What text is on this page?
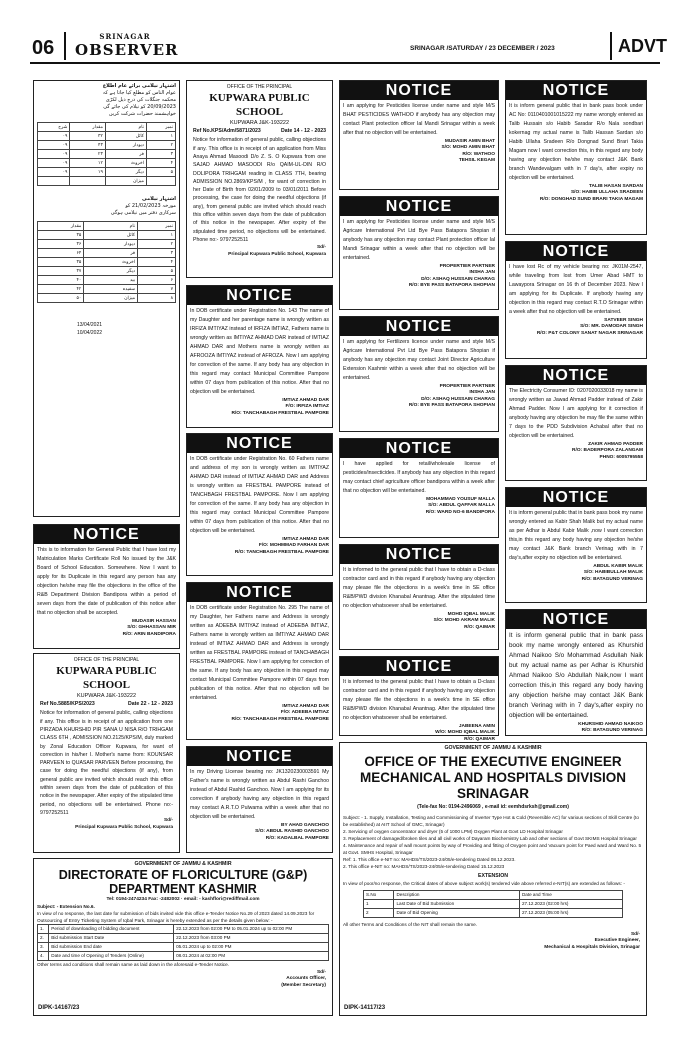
06
SRINAGAR
OBSERVER	SRINAGAR /SATURDAY / 23 DECEMBER / 2023	ADVT
اشتہار نیلامی برائے عام اطلاع
عوام الناس کو مطلع کیا جاتا ہے کہ
محکمہ جنگلات کی درج ذیل لکڑی
20/09/2023 کو نیلام کی جائے گی
خواہشمند حضرات شرکت کریں
نمبر	نام	مقدار	شرح
۱	کائل	۳۲	۰۹
۲	دیودار	۴۳	۰۹
۳	فر	۲۳	۰۹
۴	اخروٹ	۱۲	۰۹
۵	دیگر	۱۹	۰۹
	میزان		
اشتہار نیلامی
مورخہ 21/02/2023 کو
سرکاری دفتر میں نیلامی ہوگی
نمبر	نام	مقدار
۱	کائل	۳۵
۲	دیودار	۳۶
۳	فر	۶۴
۴	اخروٹ	۳۵
۵	دیگر	۳۷
۶	بید	۴۰
۷	سفیدہ	۴۲
۸	میزان	۵۰
13/04/2021
10/04/2022
NOTICE
This is to information for General Public that I have lost my Matriculation Marks Certificate Roll No issued by the J&K Board of School Education. Somewhere. Now I want to apply for its Duplicate in this regard any person has any objection he/she may file the objections in the office of the R&B Department Division Bandipora within a period of seven days from the date of publication of this notice after that no objection shall be accepted.
MUDASIR HASSAN
S/O: GHHASSAN MIR
R/O: ARIN BANDIPORA
OFFICE OF THE PRINCIPAL
KUPWARA PUBLIC SCHOOL
KUPWARA J&K-193222
Ref No.5885/KPS/2023	Date 22 - 12 - 2023
Notice for information of general public, calling objections if any. This office is in receipt of an application from one PIRZADA KHURSHID PIR SANA U NISA R/O TRIHGAM CLASS 6TH , ADMISSION NO.2125/KPS/M, duly marked by Zonal Education Officer Kupwara, for want of correction in his/her I. Mother's name from: KOUNSAR PARVEEN to QUASAR PARVEEN Before processing, the case for doing the needful objections (if any), from general public are invited which should reach this office within seven days from the date of publication of this notice in the newspaper. After expiry of the stipulated time period, no objections will be entertained. Phone no:- 9797252511
Sd/-
Principal Kupwara Public School, Kupwara
OFFICE OF THE PRINCIPAL
KUPWARA PUBLIC SCHOOL
KUPWARA J&K-193222
Ref No.KPS/Adm/5871/2023	Date 14 - 12 - 2023
Notice for information of general public, calling objections if any. This office is in receipt of an application from Miss Anaya Ahmad Masoodi D/o Z. S. O Kupwara from one SAJAD AHMAD MASOODI R/o QAIM-UL-DIN R/O DOLIPORA TRIHGAM reading in CLASS 7TH, bearing ADMISSION NO.2869/KPS/M , for want of correction in her Date of Birth from 02/01/2009 to 03/01/2011 Before processing, the case for doing the needful objections (if any), from general public are invited which should reach this office within seven days from the date of publication of this notice in the newspaper. After expiry of the stipulated time period, no objections will be entertained. Phone no:- 9797252511
Sd/-
Principal Kupwara Public School, Kupwara
NOTICE
In DOB certificate under Registration No. 143 The name of my Daughter and her parentage name is wrongly written as IRFIZA IMTIYAZ instead of IRFIZA IMTIAZ, Fathers name is wrongly written as IMTIYAZ AHMAD DAR instead of IMTIAZ AHMAD DAR and Mothers name is wrongly written as AFROOZA IMTIYAZ instead of AFROZA. Now I am applying for correction of the same. If any body has any objection in this regard may contact Municipal Committee Pampore within 07 days from publication of this notice. After that no objection will be entertained.
IMTIAZ AHMAD DAR
F/O: IRFIZA IMTIAZ
R/O: TANCHABAGH FRESTBAL PAMPORE
NOTICE
In DOB certificate under Registration No. 60 Fathers name and address of my son is wrongly written as IMTIYAZ AHMAD DAR instead of IMTIAZ AHMAD DAR and Address is wrongly written as FRESTBAL PAMPORE instead of TANCHBAGH FRESTBAL PAMPORE. Now I am applying for correction of the same. If any body has any objection in this regard may contact Municipal Committee Pampore within 07 days from publication of this notice. After that no objection will be entertained.
IMTIAZ AHMAD DAR
F/O: MOHMMAD FARHAN DAR
R/O: TANCHBAGH FRESTBAL PAMPORE
NOTICE
In DOB certificate under Registration No. 295 The name of my Daughter, her Fathers name and Address is wrongly written as ADEEBA IMTIYAZ instead of ADEEBA IMTIAZ, Fathers name is wrongly written as IMTIYAZ AHMAD DAR instead of IMTIAZ AHMAD DAR and Address is wrongly written as FRESTBAL PAMPORE instead of TANCHABAGH FRESTBAL PAMPORE. Now I am applying for correction of the same. If any body has any objection in this regard may contact Municipal Committee Pampore within 07 days from publication of this notice. After that no objection will be entertained.
IMTIAZ AHMAD DAR
F/O: ADEEBA IMTIAZ
R/O: TANCHABAGH FRESTBAL PAMPORE
NOTICE
In my Driving License bearing no: JK1320230003591 My Father's name is wrongly written as Abdul Rashi Ganchoo instead of Abdul Rashid Ganchoo. Now I am applying for its correction if anybody having any objection in this regard may contact A.R.T.O Pulwama within a week after that no objection will be entertained.
BY AHAD GANCHOO
S/O: ABDUL RASHID GANCHOO
R/O: KADALBAL PAMPORE
NOTICE
I am applying for Pesticides license under name and style M/S BHAT PESTICIDES WATHOO if anybody has any objection may contact Plant protection officer Ial Mandi Srinagar within a week after that no objection will be entertained.
MUDASIR AMIN BHAT
S/O: MOHD AMIN BHAT
R/O: WATHOO
TEHSIL KEGAM
NOTICE
I am applying for Pesticides license under name and style M/S Agricare International Pvt Ltd Bye Pass Batapora Shopian if anybody has any objection may contact Plant protection officer Ial Mandi Srinagar within a week after that no objection will be entertained.
PROPERTIER PARTNER
INSHA JAN
D/O: ASHAQ HUSSAIN CHARAG
R/O: BYE PASS BATAPORA SHOPIAN
NOTICE
I am applying for Fertilizers licence under name and style M/S Agricare International Pvt Ltd Bye Pass Batapora Shopian if anybody has any objection may contact Joint Director Agriculture Extension Kashmir within a week after that no objection will be entertained.
PROPERTIER PARTNER
INSHA JAN
D/O: ASHAQ HUSSAIN CHARAG
R/O: BYE PASS BATAPORA SHOPIAN
NOTICE
I have applied for retail/wholesale license of pesticides/insecticides. If anybody has any objection in this regard may contact chief agriculture officer bandipora within a week after that no objection will be entertained.
MOHAMMAD YOUSUF MALLA
S/O: ABDUL QAFFAR MALLA
R/O: WARD NO-6 BANDIPORA
NOTICE
It is informed to the general public that I have to obtain a D-class contractor card and in this regard if anybody having any objection may please file the objections in a week's time in SE office R&B/PWD division Khanabal Anantnag. After the stipulated time no objection whatsoever shall be entertained.
MOHD IQBAL MALIK
S/O: MOHD AKRAM MALIK
R/O: QAIMAR
NOTICE
It is informed to the general public that I have to obtain a D-class contractor card and in this regard if anybody having any objection may please file the objections in a week's time in SE office R&B/PWD division Khanabal Anantnag. After the stipulated time no objection whatsoever shall be entertained.
JABEENA AMIN
W/O: MOHD IQBAL MALIK
R/O: QAIMAR
NOTICE
It is inform general public that in bank pass book under AC No: 0110401001015222 my name wrongly entered as Talib Hussain s/o Habib Saradar R/o Nala sondbari kokernag my actual name is Talib Hassan Sardan s/o Habib Ullaha Sradeen R/o Dongnad Sund Brari Takia Magam now I want correction this, in this regard any body having any objection he/she may contact J&K Bank branch Wandevalgam with in 7 day's, after expiry no objection will be entertained.
TALIB HASAN SARDAN
S/O: HABIB ULLAHA SRADEEN
R/O: DONGHAD SUND BRARI TAKIA MAGAM
NOTICE
I have lost Rc of my vehicle bearing no: JK01M-2547, while traveling from lost from Umer Abad HMT to Lawaypora Srinagar on 16 th of December 2023. Now I am applying for its Duplicate. If anybody having any objection in this regard may contact R.T.O Srinagar within a week after that no objection will be entertained.
SATVEER SINGH
S/O: MR. DAMODAR SINGH
R/O: P&T COLONY SANAT NAGAR SRINAGAR
NOTICE
The Electricity Consumer ID: 0207020033018 my name is wrongly written as Jawad Ahmad Padder instead of Zakir Ahmad Padder. Now I am applying for it correction if anybody having any objection he may file the same within 7 days to the PDD Subdivision Achabal after that no objection will be entertained.
ZAKIR AHMAD PADDER
R/O: BADERPORA ZALANGAM
PHNO: 6005795558
NOTICE
It is inform general public that in bank pass book my name wrongly entered as Kabir Shah Malik but my actual name as per Adhar is Abdul Kabir Malik ,now I want correction this,in this regard any body having any objection he/she may contact J&K Bank branch Verinag with in 7 day's,after expiry no objection will be entertained.
ABDUL KABIR MALIK
S/O: HABIBULLAH MALIK
R/O: BATAGUND VERINAG
NOTICE
It is inform general public that in bank pass book my name wrongly entered as Khurshid Ahmad Naikoo S/o Mohammad Asdullah Naik but my actual name as per Adhar is Khurshid Ahmad Naikoo S/o Abdullah Naik,now I want correction this,in this regard any body having any objection he/she may contact J&K Bank branch Verinag with in 7 day's,after expiry no objection will be entertained.
KHURSHID AHMAD NAIKOO
R/O: BATAGUND VERINAG
GOVERNMENT OF JAMMU & KASHMIR
DIRECTORATE OF FLORICULTURE (G&P) DEPARTMENT KASHMIR
Tel: 0194-2474234 Fax: -2482002 · email: - kashflori@rediffmail.com
Subject: - Extension No.6.
In view of no response, the last date for submission of bids invited vide this office e-Tender Notice No.29 of 2023 dated 14.09.2023 for Outsourcing of Entry Ticketing System of Iqbal Park, Srinagar is hereby extended as per the details given below: -
1.	Period of downloading of bidding document	22.12.2023 from 02:00 PM to 05.01.2024 up to 02:00 PM
2.	Bid submission Start Date	22.12.2023 from 03:00 PM
3.	Bid submission End date	05.01.2024 up to 02:00 PM
4.	Date and time of Opening of Tenders (Online)	08.01.2024 at 02:00 PM
Other terms and conditions shall remain same as laid down in the aforesaid e-Tender Notice.
Sd/-
Accounts Officer,
(Member Secretary)
DIPK-14167/23
GOVERNMENT OF JAMMU & KASHMIR
OFFICE OF THE EXECUTIVE ENGINEER MECHANICAL AND HOSPITALS DIVISION SRINAGAR
(Tele-fax No: 0194-2496069 , e-mail id: eemhdsrksh@gmail.com)
Subject: - 1. Supply, Installation, Testing and Commissioning of Inverter Type Hot & Cold (Reversible AC) for various sections of Skill Centre (to be established) at AIIT School of GMC, Srinagar)
2. Servicing of oxygen concentrator and dryer (5 of 1000 LPM) Oxygen Plant at Govt LD Hospital Srinagar
3. Replacement of damaged/broken tiles and all civil works of Dayaram Biochemistry Lab and other sections of Govt SKIMS Hospital Srinagar
4. Maintenance and repair of wall mount points by way of Providing and fitting of Oxygen point and Vacuum point for Paed ward and Ward No. 5 at Govt. SMHS Hospital, Srinagar
Ref: 1. This office e-NIT no: MAHDS/TS/2023-24/05/e-tendering Dated 08.12.2023.
2. This office e-NIT no: MAHDS/TS/2023-24/05/e-tendering Dated 15.12.2023
EXTENSION
In view of poor/no response, the Critical dates of above subject work(s) tendered vide above referred e-NIT(s) are extended as follows: -
S.No	Description	Date and Time
1	Last Date of Bid Submission	27.12.2023 (02:00 hrs)
2	Date of Bid Opening	27.12.2023 (05:00 hrs)
All other Terms and Conditions of the NIT shall remain the same.
Sd/-
Executive Engineer,
Mechanical & Hospitals Division, Srinagar
DIPK-14117/23
